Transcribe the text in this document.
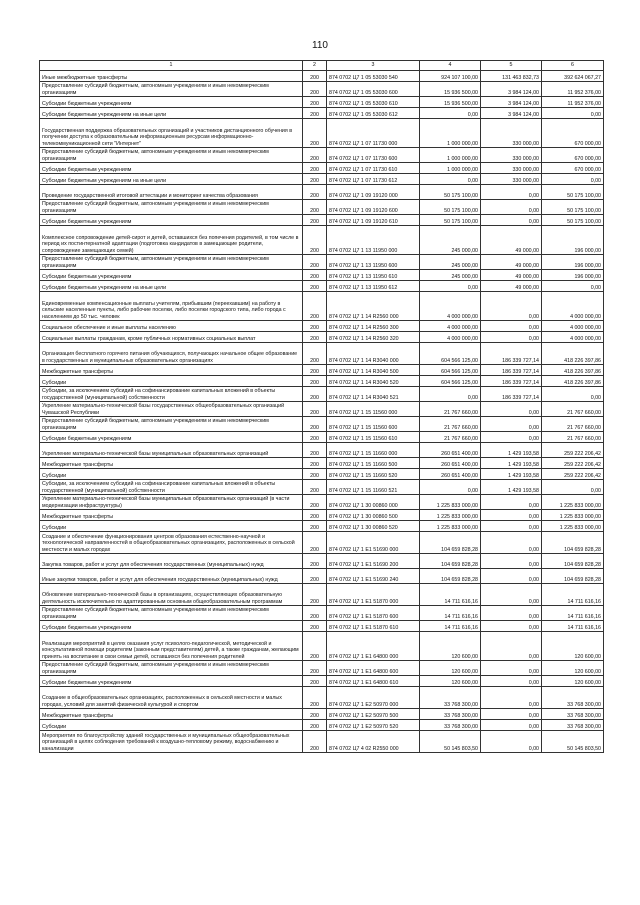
110
1	2	3	4	5	6
Иные межбюджетные трансферты	200	874 0702 Ц7 1 05 53030 540	924 107 100,00	131 463 832,73	392 624 067,27
Предоставление субсидий бюджетным, автономным учреждениям и иным некоммерческим организациям	200	874 0702 Ц7 1 05 53030 600	15 936 500,00	3 984 124,00	11 952 376,00
Субсидии бюджетным учреждениям	200	874 0702 Ц7 1 05 53030 610	15 936 500,00	3 984 124,00	11 952 376,00
Субсидии бюджетным учреждениям на иные цели	200	874 0702 Ц7 1 05 53030 612	0,00	3 984 124,00	0,00
Государственная поддержка образовательных организаций и участников дистанционного обучения в получении доступа к образовательным информационным ресурсам информационно-телекоммуникационной сети "Интернет"	200	874 0702 Ц7 1 07 11730 000	1 000 000,00	330 000,00	670 000,00
Предоставление субсидий бюджетным, автономным учреждениям и иным некоммерческим организациям	200	874 0702 Ц7 1 07 11730 600	1 000 000,00	330 000,00	670 000,00
Субсидии бюджетным учреждениям	200	874 0702 Ц7 1 07 11730 610	1 000 000,00	330 000,00	670 000,00
Субсидии бюджетным учреждениям на иные цели	200	874 0702 Ц7 1 07 11730 612	0,00	330 000,00	0,00
Проведение государственной итоговой аттестации и мониторинг качества образования	200	874 0702 Ц7 1 09 19120 000	50 175 100,00	0,00	50 175 100,00
Предоставление субсидий бюджетным, автономным учреждениям и иным некоммерческим организациям	200	874 0702 Ц7 1 09 19120 600	50 175 100,00	0,00	50 175 100,00
Субсидии бюджетным учреждениям	200	874 0702 Ц7 1 09 19120 610	50 175 100,00	0,00	50 175 100,00
Комплексное сопровождение детей-сирот и детей, оставшихся без попечения родителей, в том числе в период их постинтернатной адаптации (подготовка кандидатов в замещающие родители, сопровождение замещающих семей)	200	874 0702 Ц7 1 13 11950 000	245 000,00	49 000,00	196 000,00
Предоставление субсидий бюджетным, автономным учреждениям и иным некоммерческим организациям	200	874 0702 Ц7 1 13 11950 600	245 000,00	49 000,00	196 000,00
Субсидии бюджетным учреждениям	200	874 0702 Ц7 1 13 11950 610	245 000,00	49 000,00	196 000,00
Субсидии бюджетным учреждениям на иные цели	200	874 0702 Ц7 1 13 11950 612	0,00	49 000,00	0,00
Единовременные компенсационные выплаты учителям, прибывшим (переехавшим) на работу в сельские населенные пункты, либо рабочие поселки, либо поселки городского типа, либо города с населением до 50 тыс. человек	200	874 0702 Ц7 1 14 R2560 000	4 000 000,00	0,00	4 000 000,00
Социальное обеспечение и иные выплаты населению	200	874 0702 Ц7 1 14 R2560 300	4 000 000,00	0,00	4 000 000,00
Социальные выплаты гражданам, кроме публичных нормативных социальных выплат	200	874 0702 Ц7 1 14 R2560 320	4 000 000,00	0,00	4 000 000,00
Организация бесплатного горячего питания обучающихся, получающих начальное общее образование в государственных и муниципальных образовательных организациях	200	874 0702 Ц7 1 14 R3040 000	604 566 125,00	186 339 727,14	418 226 397,86
Межбюджетные трансферты	200	874 0702 Ц7 1 14 R3040 500	604 566 125,00	186 339 727,14	418 226 397,86
Субсидии	200	874 0702 Ц7 1 14 R3040 520	604 566 125,00	186 339 727,14	418 226 397,86
Субсидии, за исключением субсидий на софинансирование капитальных вложений в объекты государственной (муниципальной) собственности	200	874 0702 Ц7 1 14 R3040 521	0,00	186 339 727,14	0,00
Укрепление материально-технической базы государственных общеобразовательных организаций Чувашской Республики	200	874 0702 Ц7 1 15 11560 000	21 767 660,00	0,00	21 767 660,00
Предоставление субсидий бюджетным, автономным учреждениям и иным некоммерческим организациям	200	874 0702 Ц7 1 15 11560 600	21 767 660,00	0,00	21 767 660,00
Субсидии бюджетным учреждениям	200	874 0702 Ц7 1 15 11560 610	21 767 660,00	0,00	21 767 660,00
Укрепление материально-технической базы муниципальных образовательных организаций	200	874 0702 Ц7 1 15 11660 000	260 651 400,00	1 429 193,58	259 222 206,42
Межбюджетные трансферты	200	874 0702 Ц7 1 15 11660 500	260 651 400,00	1 429 193,58	259 222 206,42
Субсидии	200	874 0702 Ц7 1 15 11660 520	260 651 400,00	1 429 193,58	259 222 206,42
Субсидии, за исключением субсидий на софинансирование капитальных вложений в объекты государственной (муниципальной) собственности	200	874 0702 Ц7 1 15 11660 521	0,00	1 429 193,58	0,00
Укрепление материально-технической базы муниципальных образовательных организаций (в части модернизации инфраструктуры)	200	874 0702 Ц7 1 30 00860 000	1 225 833 000,00	0,00	1 225 833 000,00
Межбюджетные трансферты	200	874 0702 Ц7 1 30 00860 500	1 225 833 000,00	0,00	1 225 833 000,00
Субсидии	200	874 0702 Ц7 1 30 00860 520	1 225 833 000,00	0,00	1 225 833 000,00
Создание и обеспечение функционирования центров образования естественно-научной и технологической направленностей в общеобразовательных организациях, расположенных в сельской местности и малых городах	200	874 0702 Ц7 1 E1 51690 000	104 659 828,28	0,00	104 659 828,28
Закупка товаров, работ и услуг для обеспечения государственных (муниципальных) нужд	200	874 0702 Ц7 1 E1 51690 200	104 659 828,28	0,00	104 659 828,28
Иные закупки товаров, работ и услуг для обеспечения государственных (муниципальных) нужд	200	874 0702 Ц7 1 E1 51690 240	104 659 828,28	0,00	104 659 828,28
Обновление материально-технической базы в организациях, осуществляющих образовательную деятельность исключительно по адаптированным основным общеобразовательным программам	200	874 0702 Ц7 1 E1 51870 000	14 711 616,16	0,00	14 711 616,16
Предоставление субсидий бюджетным, автономным учреждениям и иным некоммерческим организациям	200	874 0702 Ц7 1 E1 51870 600	14 711 616,16	0,00	14 711 616,16
Субсидии бюджетным учреждениям	200	874 0702 Ц7 1 E1 51870 610	14 711 616,16	0,00	14 711 616,16
Реализация мероприятий в целях оказания услуг психолого-педагогической, методической и консультативной помощи родителям (законным представителям) детей, а также гражданам, желающим принять на воспитание в свои семьи детей, оставшихся без попечения родителей	200	874 0702 Ц7 1 E1 64800 000	120 600,00	0,00	120 600,00
Предоставление субсидий бюджетным, автономным учреждениям и иным некоммерческим организациям	200	874 0702 Ц7 1 E1 64800 600	120 600,00	0,00	120 600,00
Субсидии бюджетным учреждениям	200	874 0702 Ц7 1 E1 64800 610	120 600,00	0,00	120 600,00
Создание в общеобразовательных организациях, расположенных в сельской местности и малых городах, условий для занятий физической культурой и спортом	200	874 0702 Ц7 1 E2 50970 000	33 768 300,00	0,00	33 768 300,00
Межбюджетные трансферты	200	874 0702 Ц7 1 E2 50970 500	33 768 300,00	0,00	33 768 300,00
Субсидии	200	874 0702 Ц7 1 E2 50970 520	33 768 300,00	0,00	33 768 300,00
Мероприятия по благоустройству зданий государственных и муниципальных общеобразовательных организаций в целях соблюдения требований к воздушно-тепловому режиму, водоснабжению и канализации	200	874 0702 Ц7 4 02 R2550 000	50 145 803,50	0,00	50 145 803,50
